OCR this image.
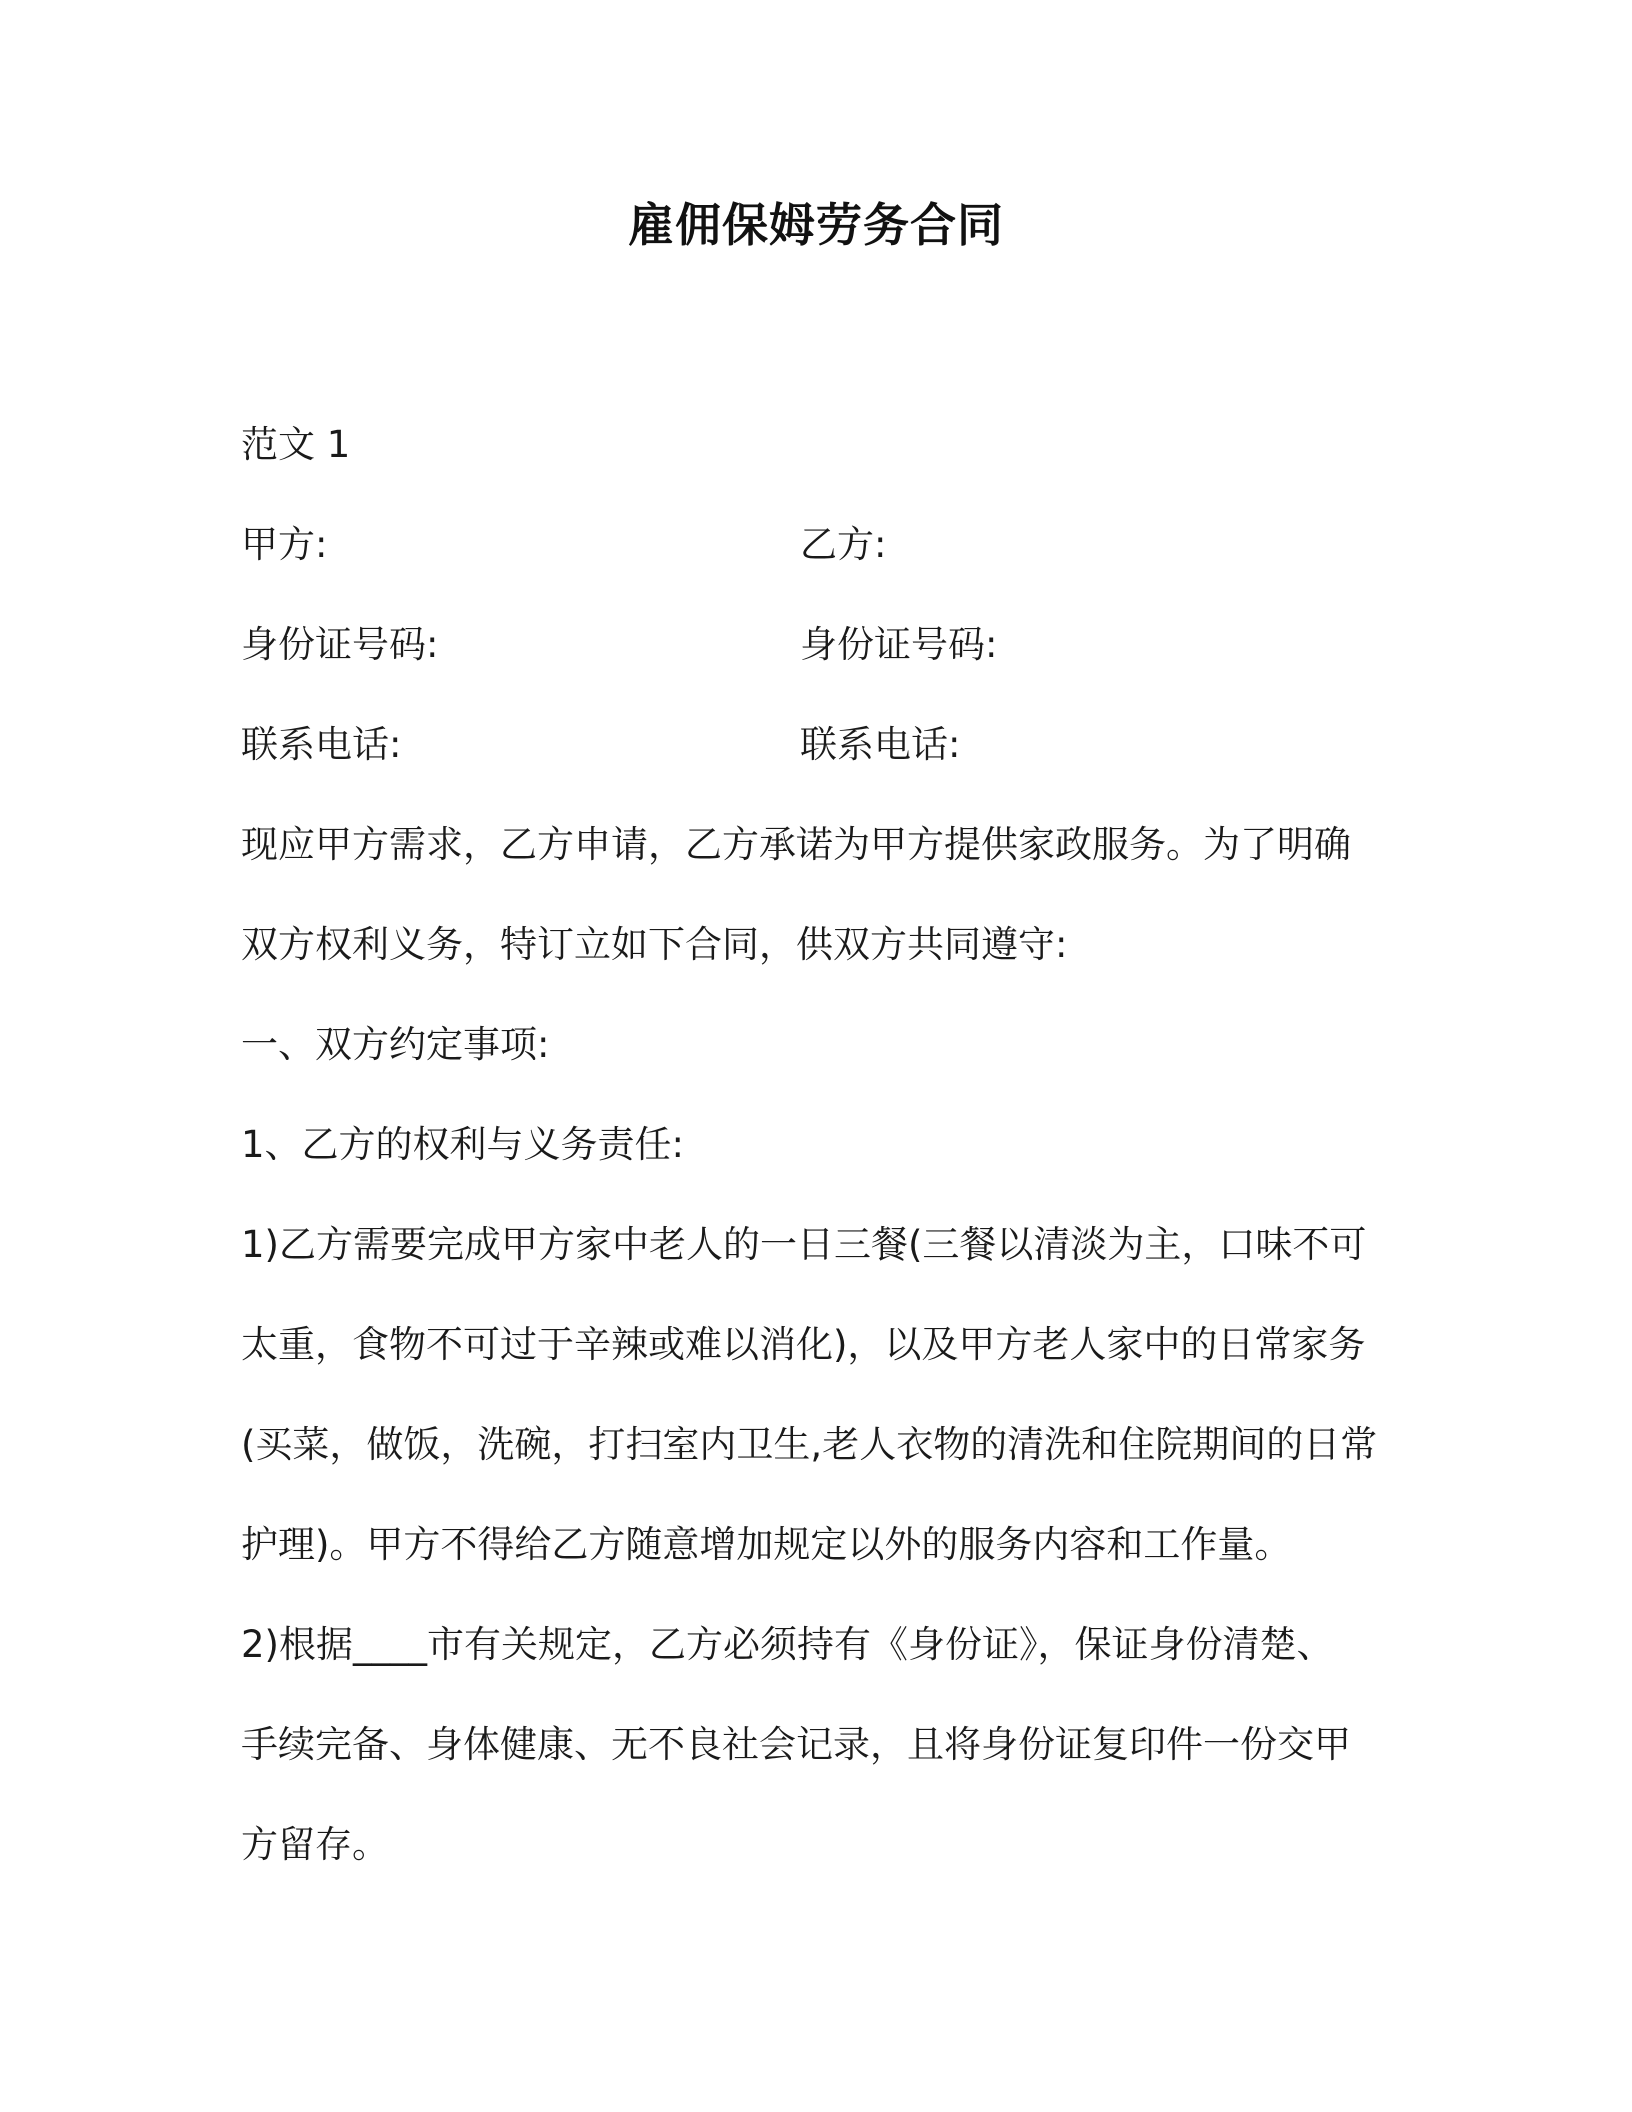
雇佣保姆劳务合同
范文 1
甲方:	乙方:
身份证号码:	身份证号码:
联系电话:	联系电话:
现应甲方需求，乙方申请，乙方承诺为甲方提供家政服务。为了明确
双方权利义务，特订立如下合同，供双方共同遵守:
一、双方约定事项:
1、乙方的权利与义务责任:
1)乙方需要完成甲方家中老人的一日三餐(三餐以清淡为主，口味不可
太重，食物不可过于辛辣或难以消化)，以及甲方老人家中的日常家务
(买菜，做饭，洗碗，打扫室内卫生,老人衣物的清洗和住院期间的日常
护理)。甲方不得给乙方随意增加规定以外的服务内容和工作量。
2)根据____市有关规定，乙方必须持有《身份证》，保证身份清楚、
手续完备、身体健康、无不良社会记录，且将身份证复印件一份交甲
方留存。
